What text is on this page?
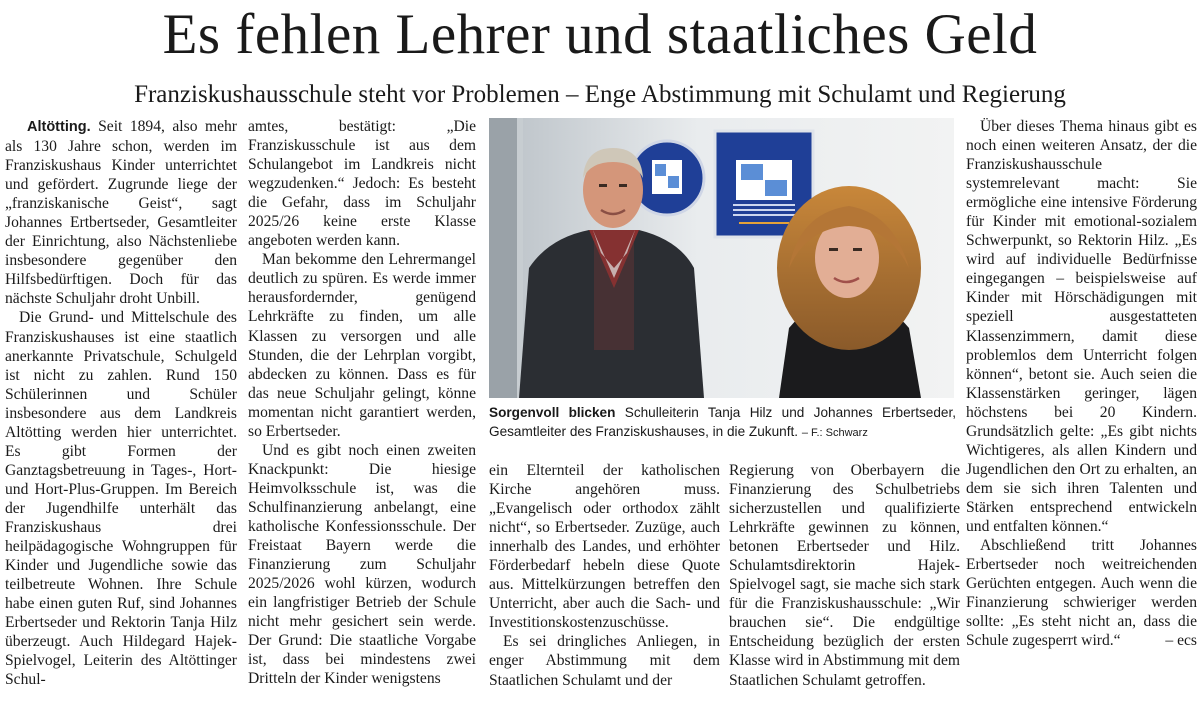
Es fehlen Lehrer und staatliches Geld
Franziskushausschule steht vor Problemen – Enge Abstimmung mit Schulamt und Regierung

Altötting. Seit 1894, also mehr als 130 Jahre schon, werden im Franziskushaus Kinder unterrichtet und gefördert. Zugrunde liege der „franziskanische Geist“, sagt Johannes Ertbertseder, Gesamtleiter der Einrichtung, also Nächstenliebe insbesondere gegenüber den Hilfsbedürftigen. Doch für das nächste Schuljahr droht Unbill.

Die Grund- und Mittelschule des Franziskushauses ist eine staatlich anerkannte Privatschule, Schulgeld ist nicht zu zahlen. Rund 150 Schülerinnen und Schüler insbesondere aus dem Landkreis Altötting werden hier unterrichtet. Es gibt Formen der Ganztagsbetreuung in Tages-, Hort- und Hort-Plus-Gruppen. Im Bereich der Jugendhilfe unterhält das Franziskushaus drei heilpädagogische Wohngruppen für Kinder und Jugendliche sowie das teilbetreute Wohnen. Ihre Schule habe einen guten Ruf, sind Johannes Erbertseder und Rektorin Tanja Hilz überzeugt. Auch Hildegard Hajek-Spielvogel, Leiterin des Altöttinger Schul-

amtes, bestätigt: „Die Franziskusschule ist aus dem Schulangebot im Landkreis nicht wegzudenken.“ Jedoch: Es besteht die Gefahr, dass im Schuljahr 2025/26 keine erste Klasse angeboten werden kann.

Man bekomme den Lehrermangel deutlich zu spüren. Es werde immer herausfordernder, genügend Lehrkräfte zu finden, um alle Klassen zu versorgen und alle Stunden, die der Lehrplan vorgibt, abdecken zu können. Dass es für das neue Schuljahr gelingt, könne momentan nicht garantiert werden, so Erbertseder.

Und es gibt noch einen zweiten Knackpunkt: Die hiesige Heimvolksschule ist, was die Schulfinanzierung anbelangt, eine katholische Konfessionsschule. Der Freistaat Bayern werde die Finanzierung zum Schuljahr 2025/2026 wohl kürzen, wodurch ein langfristiger Betrieb der Schule nicht mehr gesichert sein werde. Der Grund: Die staatliche Vorgabe ist, dass bei mindestens zwei Dritteln der Kinder wenigstens

Sorgenvoll blicken Schulleiterin Tanja Hilz und Johannes Erbertseder, Gesamtleiter des Franziskushauses, in die Zukunft. – F.: Schwarz

ein Elternteil der katholischen Kirche angehören muss. „Evangelisch oder orthodox zählt nicht“, so Erbertseder. Zuzüge, auch innerhalb des Landes, und erhöhter Förderbedarf hebeln diese Quote aus. Mittelkürzungen betreffen den Unterricht, aber auch die Sach- und Investitionskostenzuschüsse.

Es sei dringliches Anliegen, in enger Abstimmung mit dem Staatlichen Schulamt und der

Regierung von Oberbayern die Finanzierung des Schulbetriebs sicherzustellen und qualifizierte Lehrkräfte gewinnen zu können, betonen Erbertseder und Hilz. Schulamtsdirektorin Hajek-Spielvogel sagt, sie mache sich stark für die Franziskushausschule: „Wir brauchen sie“. Die endgültige Entscheidung bezüglich der ersten Klasse wird in Abstimmung mit dem Staatlichen Schulamt getroffen.

Über dieses Thema hinaus gibt es noch einen weiteren Ansatz, der die Franziskushausschule systemrelevant macht: Sie ermögliche eine intensive Förderung für Kinder mit emotional-sozialem Schwerpunkt, so Rektorin Hilz. „Es wird auf individuelle Bedürfnisse eingegangen – beispielsweise auf Kinder mit Hörschädigungen mit speziell ausgestatteten Klassenzimmern, damit diese problemlos dem Unterricht folgen können“, betont sie. Auch seien die Klassenstärken geringer, lägen höchstens bei 20 Kindern. Grundsätzlich gelte: „Es gibt nichts Wichtigeres, als allen Kindern und Jugendlichen den Ort zu erhalten, an dem sie sich ihren Talenten und Stärken entsprechend entwickeln und entfalten können.“

Abschließend tritt Johannes Erbertseder noch weitreichenden Gerüchten entgegen. Auch wenn die Finanzierung schwieriger werden sollte: „Es steht nicht an, dass die Schule zugesperrt wird.“	– ecs
